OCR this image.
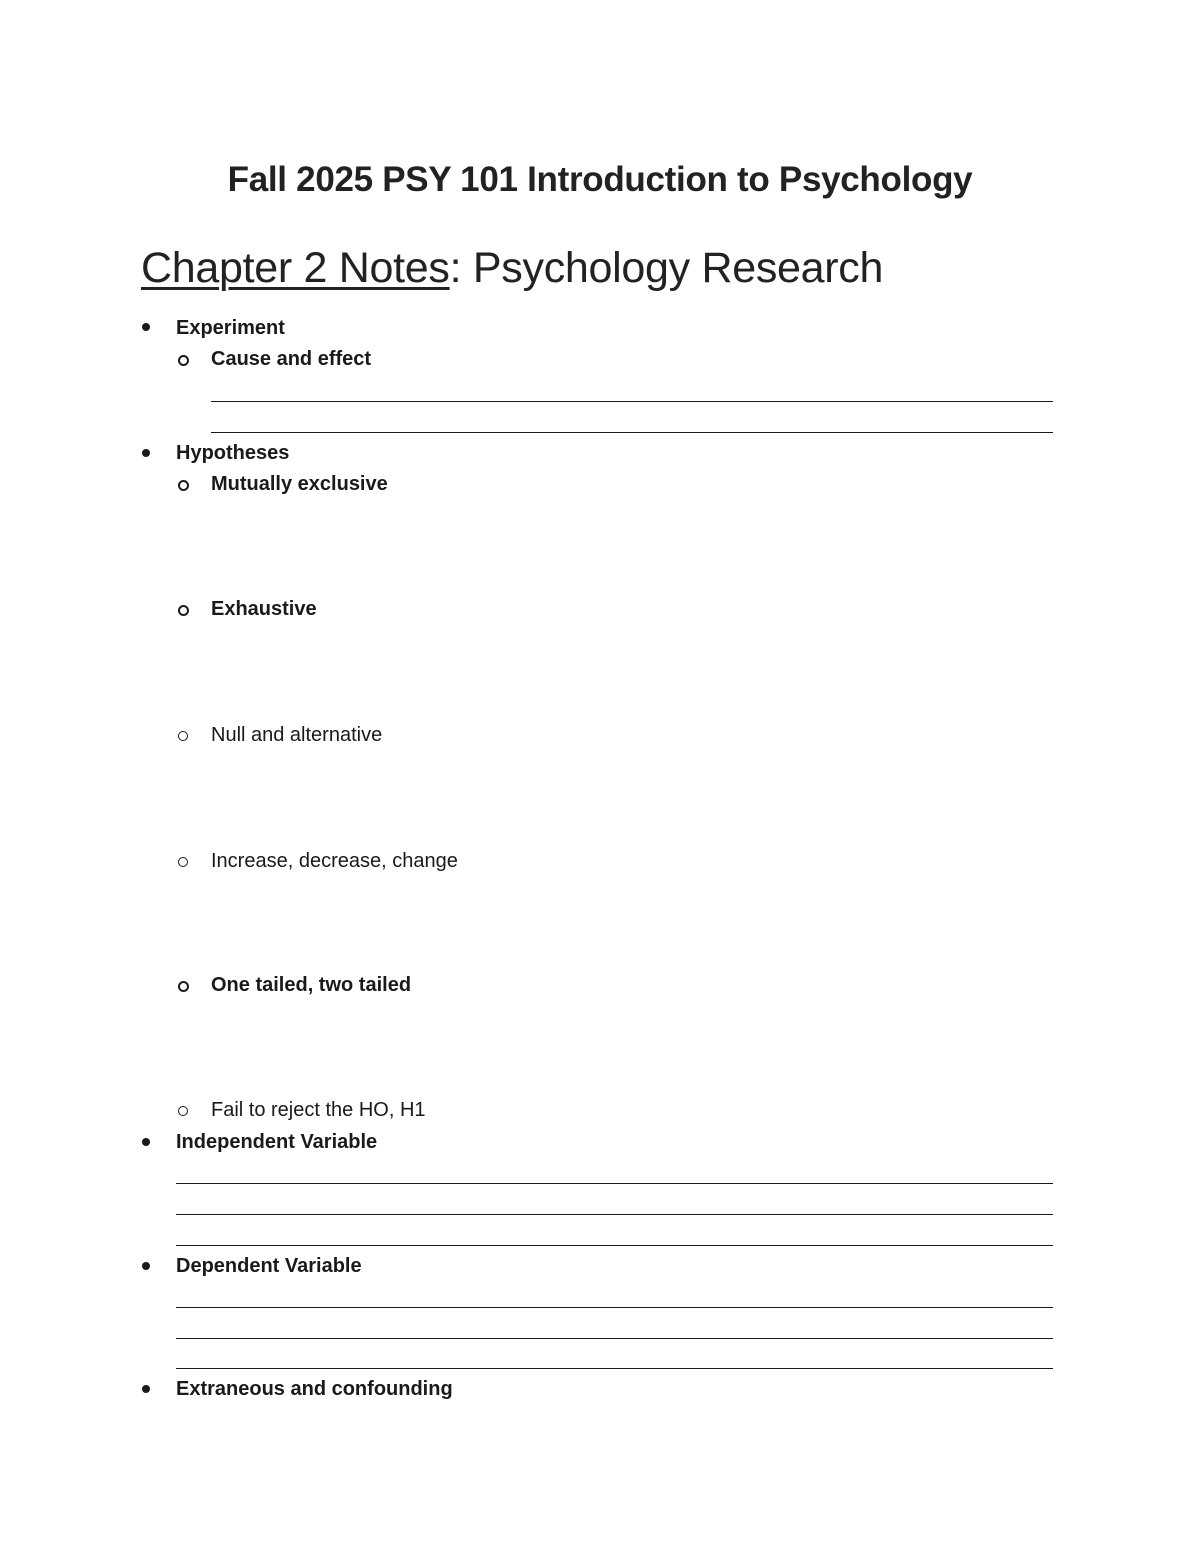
Fall 2025 PSY 101 Introduction to Psychology
Chapter 2 Notes: Psychology Research
Experiment
Cause and effect
Hypotheses
Mutually exclusive
Exhaustive
Null and alternative
Increase, decrease, change
One tailed, two tailed
Fail to reject the HO, H1
Independent Variable
Dependent Variable
Extraneous and confounding
